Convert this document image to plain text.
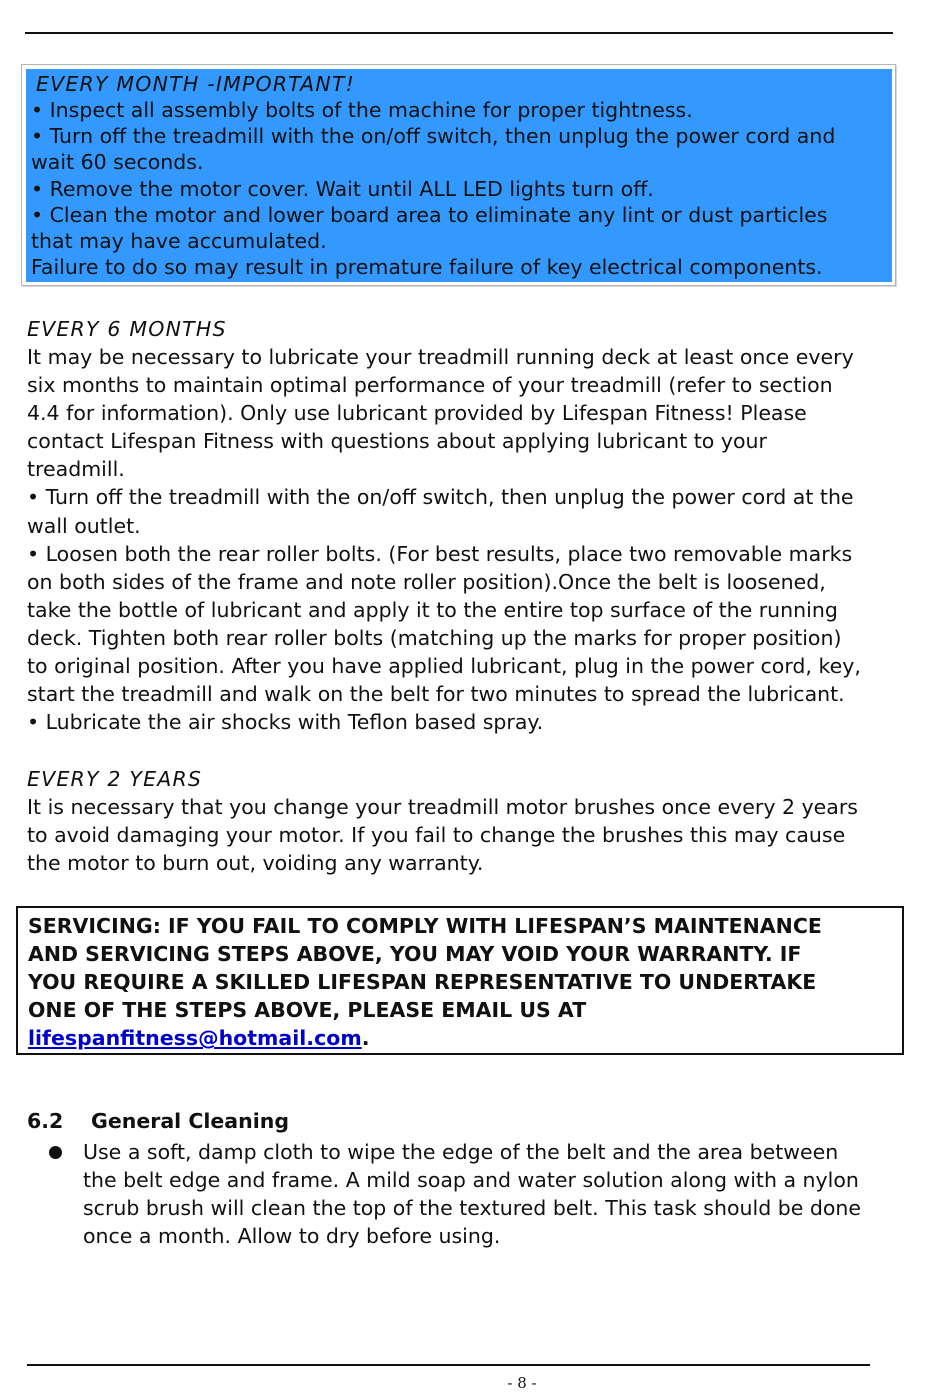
EVERY MONTH -IMPORTANT!
• Inspect all assembly bolts of the machine for proper tightness.
• Turn off the treadmill with the on/off switch, then unplug the power cord and
wait 60 seconds.
• Remove the motor cover. Wait until ALL LED lights turn off.
• Clean the motor and lower board area to eliminate any lint or dust particles
that may have accumulated.
Failure to do so may result in premature failure of key electrical components.
EVERY 6 MONTHS
It may be necessary to lubricate your treadmill running deck at least once every
six months to maintain optimal performance of your treadmill (refer to section
4.4 for information). Only use lubricant provided by Lifespan Fitness! Please
contact Lifespan Fitness with questions about applying lubricant to your
treadmill.
• Turn off the treadmill with the on/off switch, then unplug the power cord at the
wall outlet.
• Loosen both the rear roller bolts. (For best results, place two removable marks
on both sides of the frame and note roller position).Once the belt is loosened,
take the bottle of lubricant and apply it to the entire top surface of the running
deck. Tighten both rear roller bolts (matching up the marks for proper position)
to original position. After you have applied lubricant, plug in the power cord, key,
start the treadmill and walk on the belt for two minutes to spread the lubricant.
• Lubricate the air shocks with Teflon based spray.
EVERY 2 YEARS
It is necessary that you change your treadmill motor brushes once every 2 years
to avoid damaging your motor. If you fail to change the brushes this may cause
the motor to burn out, voiding any warranty.
SERVICING: IF YOU FAIL TO COMPLY WITH LIFESPAN’S MAINTENANCE
AND SERVICING STEPS ABOVE, YOU MAY VOID YOUR WARRANTY. IF
YOU REQUIRE A SKILLED LIFESPAN REPRESENTATIVE TO UNDERTAKE
ONE OF THE STEPS ABOVE, PLEASE EMAIL US AT
lifespanfitness@hotmail.com.
6.2 General Cleaning
Use a soft, damp cloth to wipe the edge of the belt and the area between
the belt edge and frame. A mild soap and water solution along with a nylon
scrub brush will clean the top of the textured belt. This task should be done
once a month. Allow to dry before using.
- 8 -
